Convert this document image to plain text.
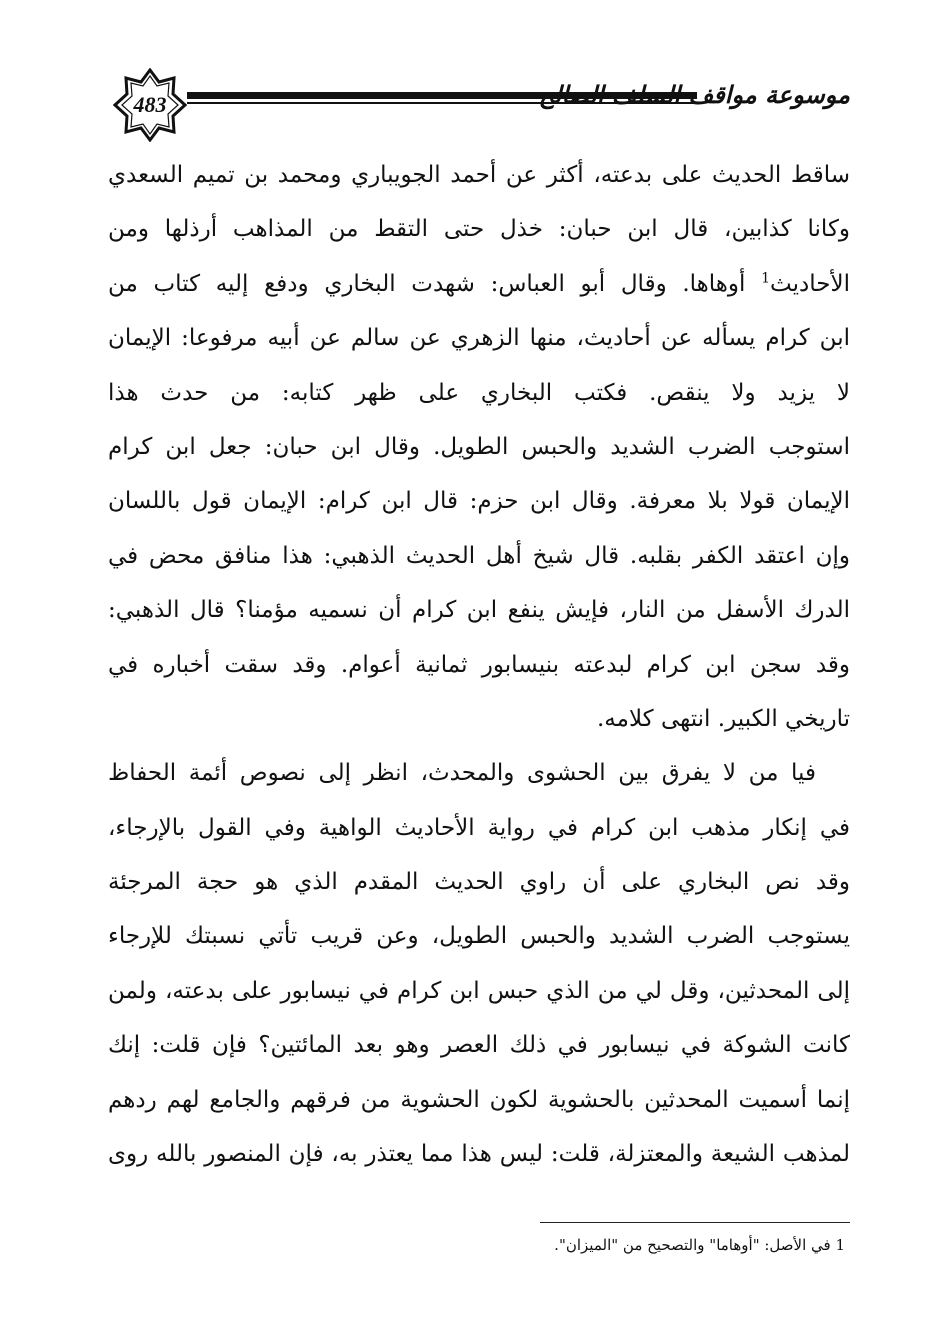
483	موسوعة مواقف السلف الصالح
ساقط الحديث على بدعته، أكثر عن أحمد الجويباري ومحمد بن تميم السعدي
وكانا كذابين، قال ابن حبان: خذل حتى التقط من المذاهب أرذلها ومن
الأحاديث$^1$ أوهاها. وقال أبو العباس: شهدت البخاري ودفع إليه كتاب من
ابن كرام يسأله عن أحاديث، منها الزهري عن سالم عن أبيه مرفوعا: الإيمان
لا يزيد ولا ينقص. فكتب البخاري على ظهر كتابه: من حدث هذا
استوجب الضرب الشديد والحبس الطويل. وقال ابن حبان: جعل ابن كرام
الإيمان قولا بلا معرفة. وقال ابن حزم: قال ابن كرام: الإيمان قول باللسان
وإن اعتقد الكفر بقلبه. قال شيخ أهل الحديث الذهبي: هذا منافق محض في
الدرك الأسفل من النار، فإيش ينفع ابن كرام أن نسميه مؤمنا؟ قال الذهبي:
وقد سجن ابن كرام لبدعته بنيسابور ثمانية أعوام. وقد سقت أخباره في
تاريخي الكبير. انتهى كلامه.
فيا من لا يفرق بين الحشوى والمحدث، انظر إلى نصوص أئمة الحفاظ
في إنكار مذهب ابن كرام في رواية الأحاديث الواهية وفي القول بالإرجاء،
وقد نص البخاري على أن راوي الحديث المقدم الذي هو حجة المرجئة
يستوجب الضرب الشديد والحبس الطويل، وعن قريب تأتي نسبتك للإرجاء
إلى المحدثين، وقل لي من الذي حبس ابن كرام في نيسابور على بدعته، ولمن
كانت الشوكة في نيسابور في ذلك العصر وهو بعد المائتين؟ فإن قلت: إنك
إنما أسميت المحدثين بالحشوية لكون الحشوية من فرقهم والجامع لهم ردهم
لمذهب الشيعة والمعتزلة، قلت: ليس هذا مما يعتذر به، فإن المنصور بالله روى
1 في الأصل: "أوهاما" والتصحيح من "الميزان".
